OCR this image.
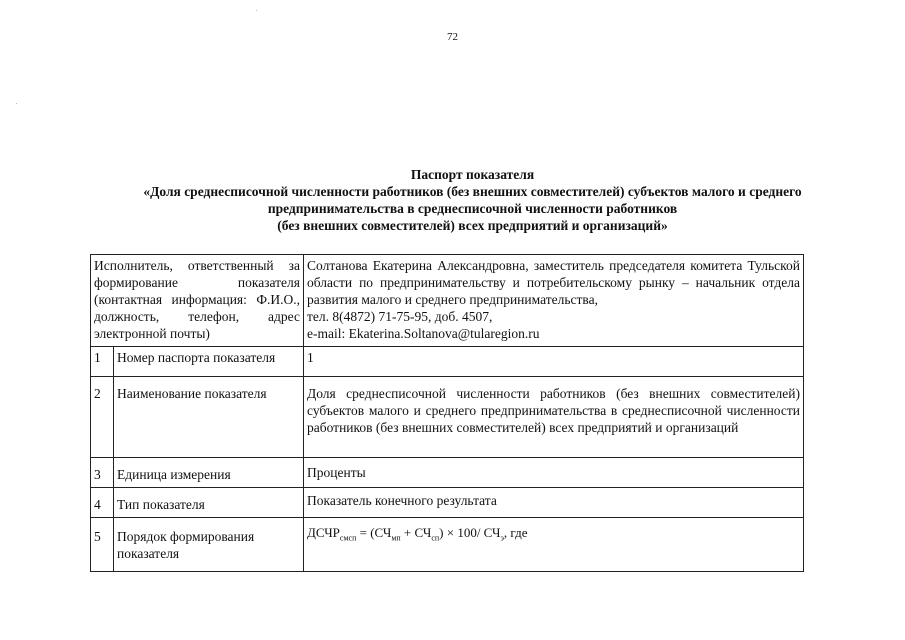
72
Паспорт показателя
«Доля среднесписочной численности работников (без внешних совместителей) субъектов малого и среднего
предпринимательства в среднесписочной численности работников
(без внешних совместителей) всех предприятий и организаций»
Исполнитель, ответственный за формирование показателя (контактная информация: Ф.И.О., должность, телефон, адрес электронной почты)		Солтанова Екатерина Александровна, заместитель председателя комитета Тульской области по предпринимательству и потребительскому рынку – начальник отдела развития малого и среднего предпринимательства,
тел. 8(4872) 71-75-95, доб. 4507,
e-mail: Ekaterina.Soltanova@tularegion.ru

1	Номер паспорта показателя	1
2	Наименование показателя	Доля среднесписочной численности работников (без внешних совместителей) субъектов малого и среднего предпринимательства в среднесписочной численности работников (без внешних совместителей) всех предприятий и организаций
3	Единица измерения	Проценты
4	Тип показателя	Показатель конечного результата
5	Порядок формирования показателя	$ДСЧР_{смсп} = (СЧ_{мп} + СЧ_{сп}) \times 100/$ $СЧ_э$, где
